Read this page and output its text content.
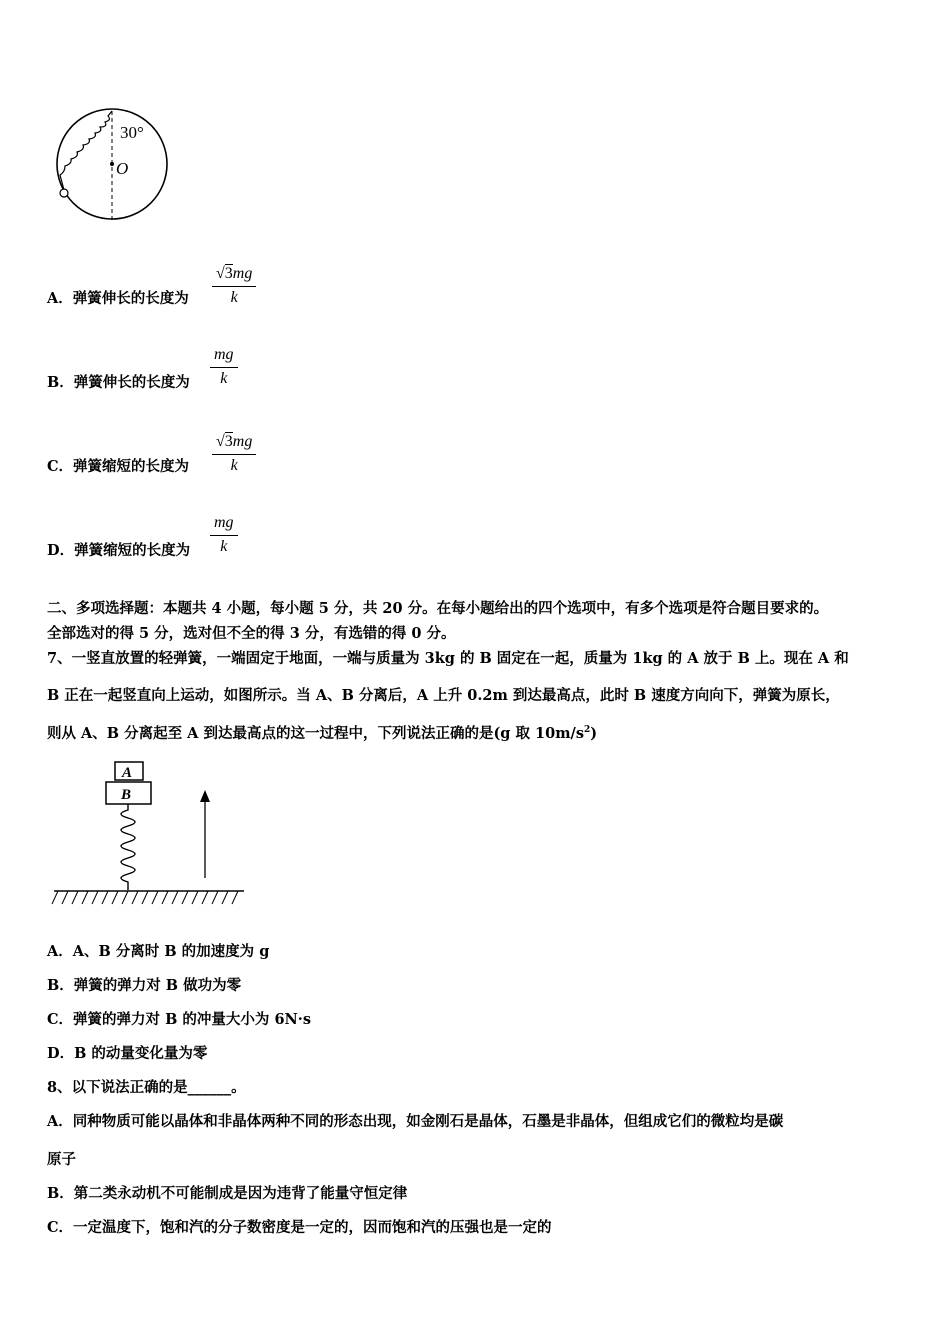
30°
O
A．弹簧伸长的长度为 $\frac{√3mg}{k}$
B．弹簧伸长的长度为 $\frac{mg}{k}$
C．弹簧缩短的长度为 $\frac{√3mg}{k}$
D．弹簧缩短的长度为 $\frac{mg}{k}$
二、多项选择题：本题共 4 小题，每小题 5 分，共 20 分。在每小题给出的四个选项中，有多个选项是符合题目要求的。
全部选对的得 5 分，选对但不全的得 3 分，有选错的得 0 分。
7、一竖直放置的轻弹簧，一端固定于地面，一端与质量为 3kg 的 B 固定在一起，质量为 1kg 的 A 放于 B 上。现在 A 和
B 正在一起竖直向上运动，如图所示。当 A、B 分离后，A 上升 0.2m 到达最高点，此时 B 速度方向向下，弹簧为原长，
则从 A、B 分离起至 A 到达最高点的这一过程中，下列说法正确的是(g 取 $10m/s^2$)
A
B
A．A、B 分离时 B 的加速度为 g
B．弹簧的弹力对 B 做功为零
C．弹簧的弹力对 B 的冲量大小为 6N·s
D．B 的动量变化量为零
8、以下说法正确的是______。
A．同种物质可能以晶体和非晶体两种不同的形态出现，如金刚石是晶体，石墨是非晶体，但组成它们的微粒均是碳
原子
B．第二类永动机不可能制成是因为违背了能量守恒定律
C．一定温度下，饱和汽的分子数密度是一定的，因而饱和汽的压强也是一定的
